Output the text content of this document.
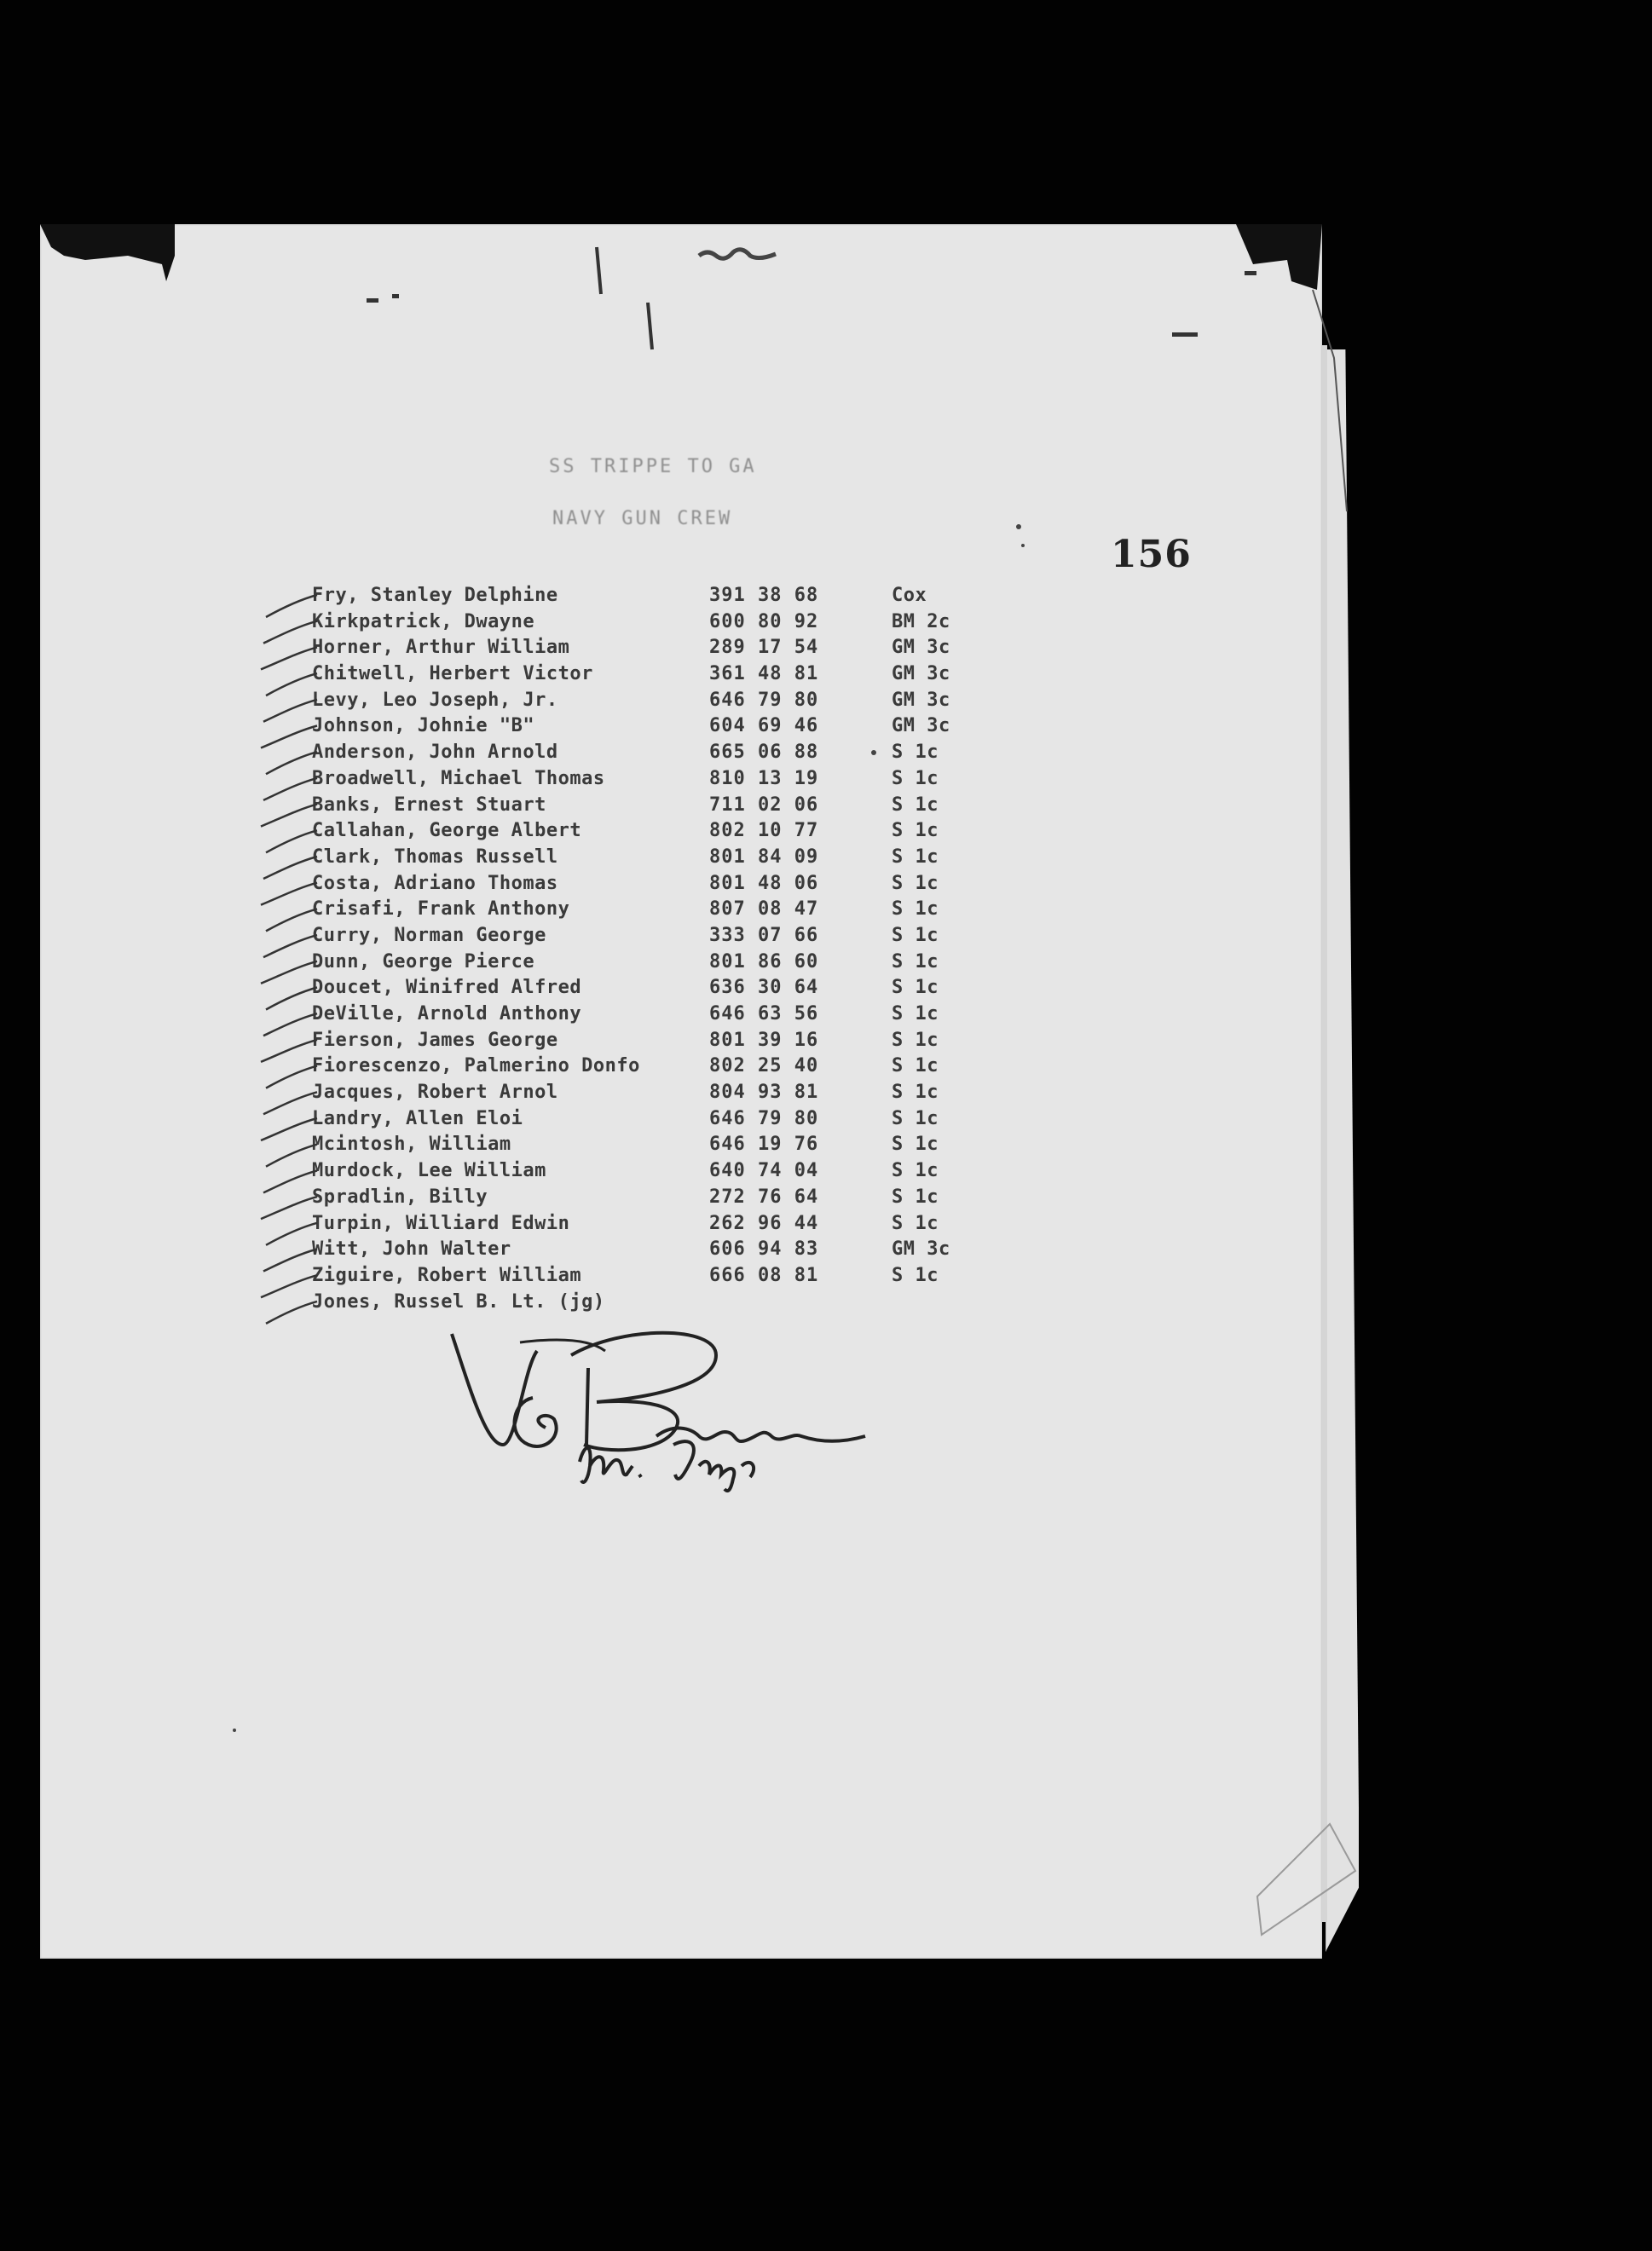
156
SS TRIPPE TO GA
NAVY GUN CREW
Fry, Stanley Delphine	391 38 68	Cox
Kirkpatrick, Dwayne	600 80 92	BM 2c
Horner, Arthur William	289 17 54	GM 3c
Chitwell, Herbert Victor	361 48 81	GM 3c
Levy, Leo Joseph, Jr.	646 79 80	GM 3c
Johnson, Johnie "B"	604 69 46	GM 3c
Anderson, John Arnold	665 06 88	S 1c
Broadwell, Michael Thomas	810 13 19	S 1c
Banks, Ernest Stuart	711 02 06	S 1c
Callahan, George Albert	802 10 77	S 1c
Clark, Thomas Russell	801 84 09	S 1c
Costa, Adriano Thomas	801 48 06	S 1c
Crisafi, Frank Anthony	807 08 47	S 1c
Curry, Norman George	333 07 66	S 1c
Dunn, George Pierce	801 86 60	S 1c
Doucet, Winifred Alfred	636 30 64	S 1c
DeVille, Arnold Anthony	646 63 56	S 1c
Fierson, James George	801 39 16	S 1c
Fiorescenzo, Palmerino Donfo	802 25 40	S 1c
Jacques, Robert Arnol	804 93 81	S 1c
Landry, Allen Eloi	646 79 80	S 1c
Mcintosh, William	646 19 76	S 1c
Murdock, Lee William	640 74 04	S 1c
Spradlin, Billy	272 76 64	S 1c
Turpin, Williard Edwin	262 96 44	S 1c
Witt, John Walter	606 94 83	GM 3c
Ziguire, Robert William	666 08 81	S 1c
Jones, Russel B. Lt. (jg)
